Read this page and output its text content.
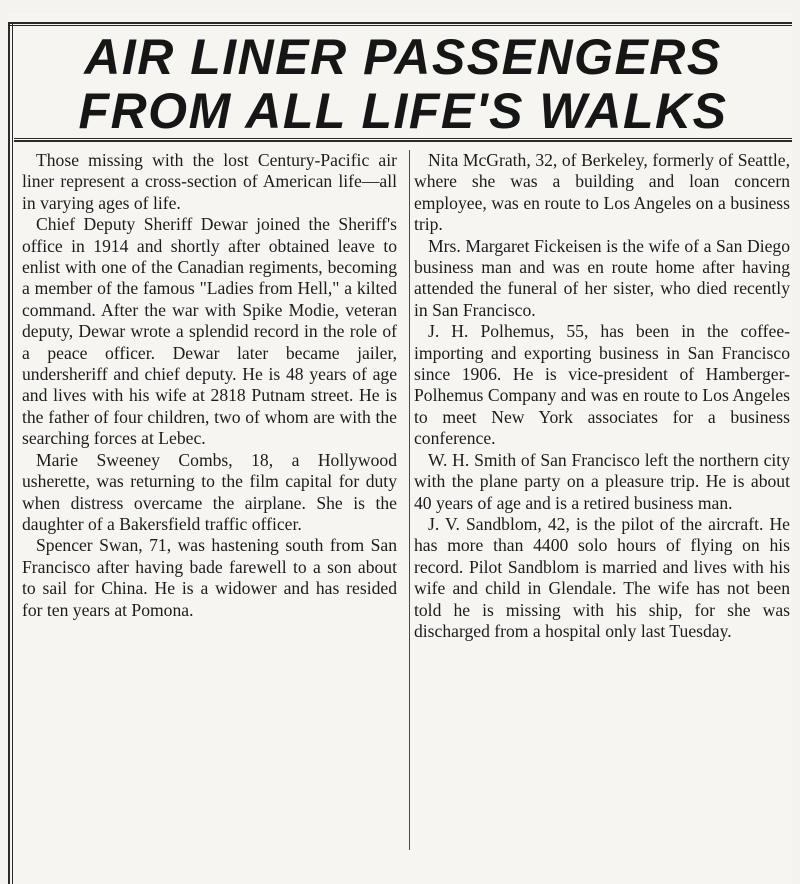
AIR LINER PASSENGERS
FROM ALL LIFE'S WALKS

Those missing with the lost Century-Pacific air liner represent a cross-section of American life—all in varying ages of life.

Chief Deputy Sheriff Dewar joined the Sheriff's office in 1914 and shortly after obtained leave to enlist with one of the Canadian regiments, becoming a member of the famous "Ladies from Hell," a kilted command. After the war with Spike Modie, veteran deputy, Dewar wrote a splendid record in the role of a peace officer. Dewar later became jailer, undersheriff and chief deputy. He is 48 years of age and lives with his wife at 2818 Putnam street. He is the father of four children, two of whom are with the searching forces at Lebec.

Marie Sweeney Combs, 18, a Hollywood usherette, was returning to the film capital for duty when distress overcame the airplane. She is the daughter of a Bakersfield traffic officer.

Spencer Swan, 71, was hastening south from San Francisco after having bade farewell to a son about to sail for China. He is a widower and has resided for ten years at Pomona.

Nita McGrath, 32, of Berkeley, formerly of Seattle, where she was a building and loan concern employee, was en route to Los Angeles on a business trip.

Mrs. Margaret Fickeisen is the wife of a San Diego business man and was en route home after having attended the funeral of her sister, who died recently in San Francisco.

J. H. Polhemus, 55, has been in the coffee-importing and exporting business in San Francisco since 1906. He is vice-president of Hamberger-Polhemus Company and was en route to Los Angeles to meet New York associates for a business conference.

W. H. Smith of San Francisco left the northern city with the plane party on a pleasure trip. He is about 40 years of age and is a retired business man.

J. V. Sandblom, 42, is the pilot of the aircraft. He has more than 4400 solo hours of flying on his record. Pilot Sandblom is married and lives with his wife and child in Glendale. The wife has not been told he is missing with his ship, for she was discharged from a hospital only last Tuesday.
